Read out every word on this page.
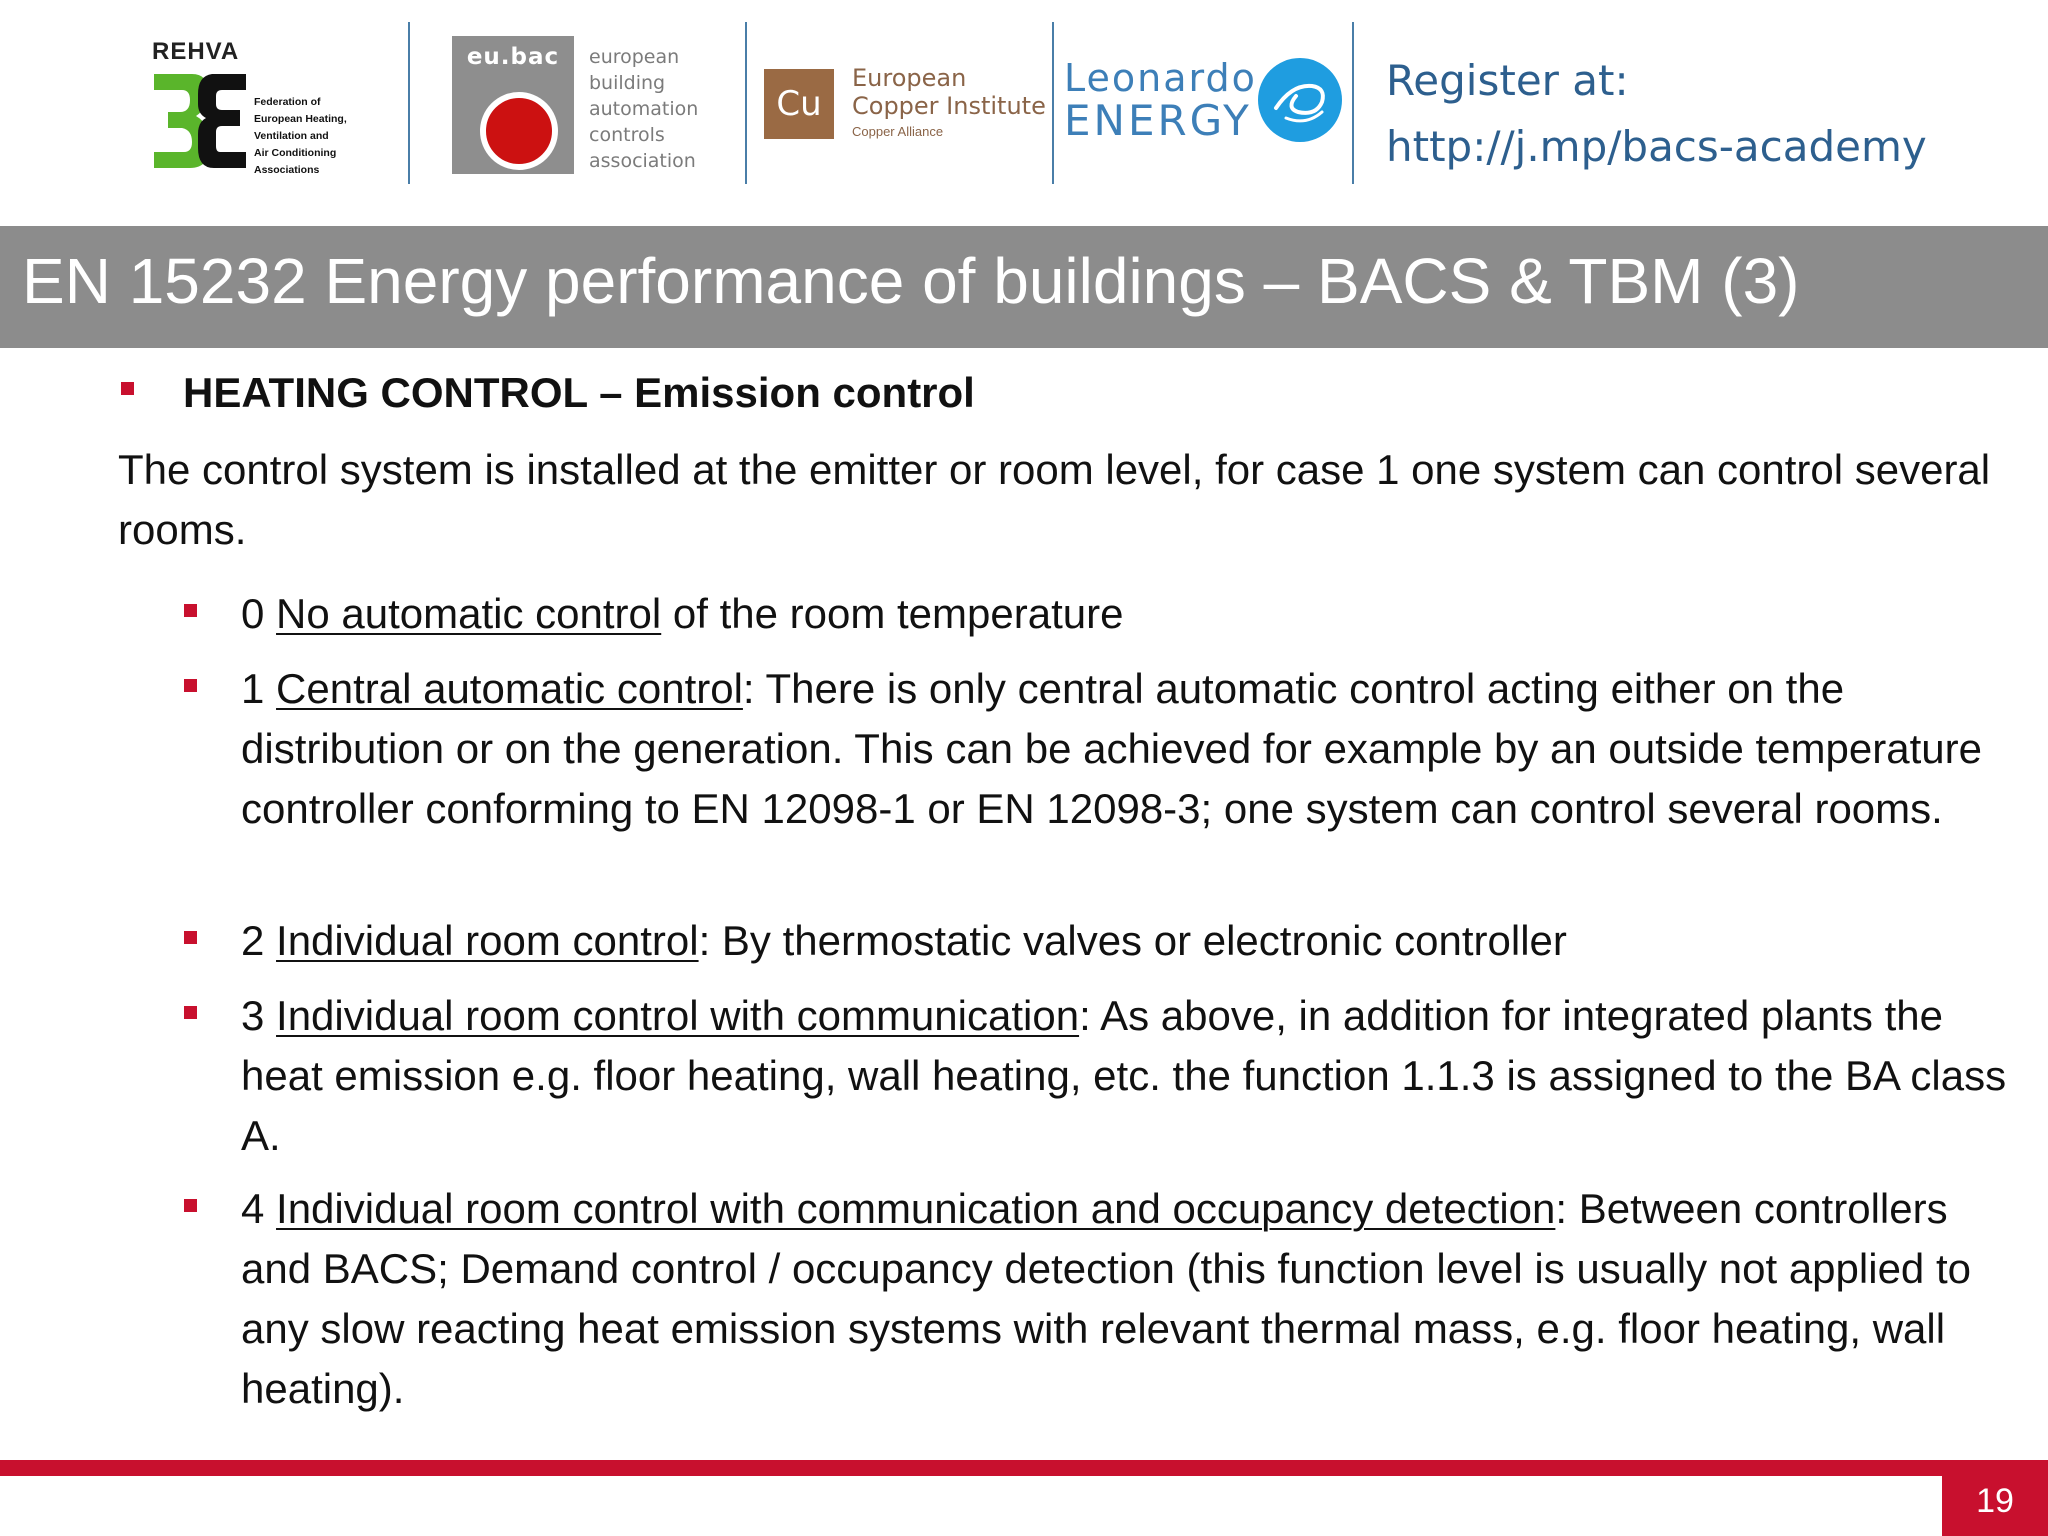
REHVA
Federation of
European Heating,
Ventilation and
Air Conditioning
Associations
eu.bac	european
building
automation
controls
association
Cu
European
Copper Institute
Copper Alliance
Leonardo
ENERGY
Register at:
http://j.mp/bacs-academy
EN 15232 Energy performance of buildings – BACS & TBM (3)
HEATING CONTROL – Emission control
The control system is installed at the emitter or room level, for case 1 one system can control several rooms.
0 No automatic control of the room temperature
1 Central automatic control: There is only central automatic control acting either on the distribution or on the generation. This can be achieved for example by an outside temperature controller conforming to EN 12098-1 or EN 12098-3; one system can control several rooms.
2 Individual room control: By thermostatic valves or electronic controller
3 Individual room control with communication: As above, in addition for integrated plants the heat emission e.g. floor heating, wall heating, etc. the function 1.1.3 is assigned to the BA class A.
4 Individual room control with communication and occupancy detection: Between controllers and BACS; Demand control / occupancy detection (this function level is usually not applied to any slow reacting heat emission systems with relevant thermal mass, e.g. floor heating, wall heating).
19
